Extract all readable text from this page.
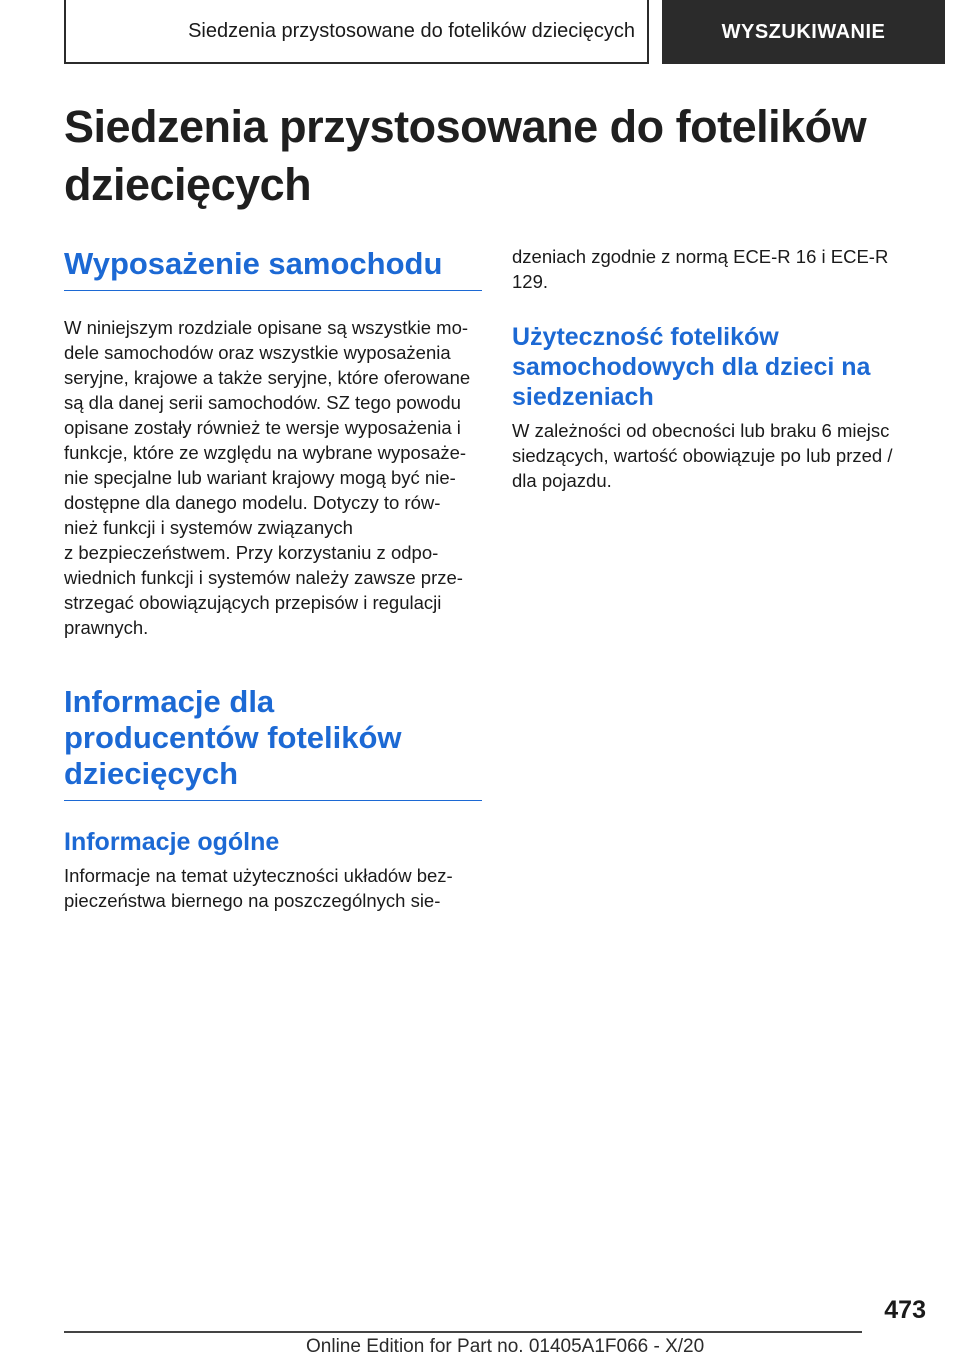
Siedzenia przystosowane do fotelików dziecięcych	WYSZUKIWANIE
Siedzenia przystosowane do fotelików
dziecięcych
Wyposażenie samochodu
W niniejszym rozdziale opisane są wszystkie mo-
dele samochodów oraz wszystkie wyposażenia
seryjne, krajowe a także seryjne, które oferowane
są dla danej serii samochodów. SZ tego powodu
opisane zostały również te wersje wyposażenia i
funkcje, które ze względu na wybrane wyposaże-
nie specjalne lub wariant krajowy mogą być nie-
dostępne dla danego modelu. Dotyczy to rów-
nież funkcji i systemów związanych
z bezpieczeństwem. Przy korzystaniu z odpo-
wiednich funkcji i systemów należy zawsze prze-
strzegać obowiązujących przepisów i regulacji
prawnych.
Informacje dla
producentów fotelików
dziecięcych
Informacje ogólne
Informacje na temat użyteczności układów bez-
pieczeństwa biernego na poszczególnych sie-
dzeniach zgodnie z normą ECE-R 16 i ECE-R
129.
Użyteczność fotelików
samochodowych dla dzieci na
siedzeniach
W zależności od obecności lub braku 6 miejsc
siedzących, wartość obowiązuje po lub przed /
dla pojazdu.
473
Online Edition for Part no. 01405A1F066 - X/20
